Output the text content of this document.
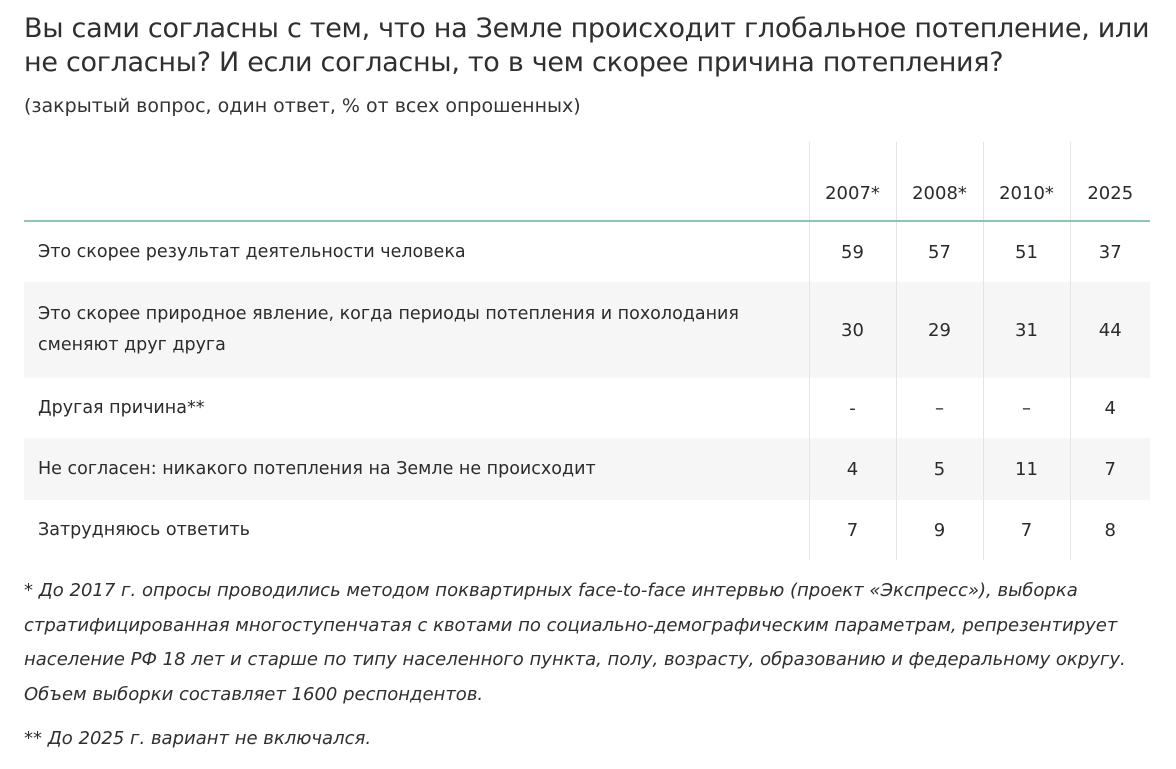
Вы сами согласны с тем, что на Земле происходит глобальное потепление, или не согласны? И если согласны, то в чем скорее причина потепления?

(закрытый вопрос, один ответ, % от всех опрошенных)

	2007*	2008*	2010*	2025
Это скорее результат деятельности человека	59	57	51	37
Это скорее природное явление, когда периоды потепления и похолодания сменяют друг друга	30	29	31	44
Другая причина**	-	–	–	4
Не согласен: никакого потепления на Земле не происходит	4	5	11	7
Затрудняюсь ответить	7	9	7	8

* До 2017 г. опросы проводились методом поквартирных face-to-face интервью (проект «Экспресс»), выборка стратифицированная многоступенчатая с квотами по социально-демографическим параметрам, репрезентирует население РФ 18 лет и старше по типу населенного пункта, полу, возрасту, образованию и федеральному округу. Объем выборки составляет 1600 респондентов.

** До 2025 г. вариант не включался.
